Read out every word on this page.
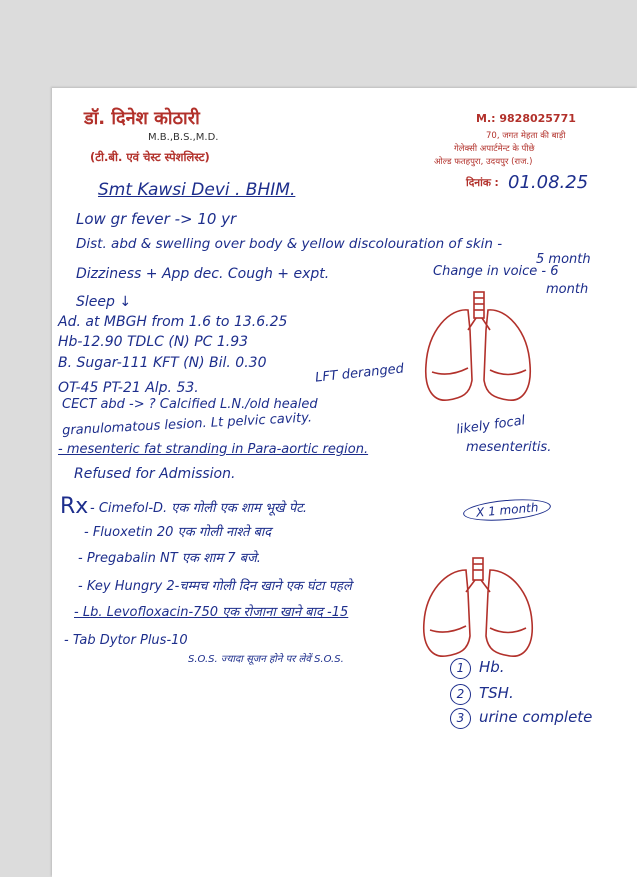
डॉ. दिनेश कोठारी
M.B.,B.S.,M.D.
(टी.बी. एवं चेस्ट स्पेशलिस्ट)
M.: 9828025771
70, जगत मेहता की बाड़ी
गेलेक्सी अपार्टमेन्ट के पीछे
ओल्ड फतहपुरा, उदयपुर (राज.)
दिनांक : 01.08.25
Smt Kawsi Devi . BHIM.
Low gr fever -> 10 yr
Dist. abd & swelling over body & yellow discolouration of skin -
5 month
Dizziness + App dec. Cough + expt.	Change in voice - 6
month
Sleep ↓
Ad. at MBGH from 1.6 to 13.6.25
Hb-12.90 TDLC (N) PC 1.93
B. Sugar-111 KFT (N) Bil. 0.30
OT-45 PT-21 Alp. 53.
LFT deranged
CECT abd -> ? Calcified L.N./old healed
granulomatous lesion. Lt pelvic cavity.	likely focal
- mesenteric fat stranding in Para-aortic region.	mesenteritis.
Refused for Admission.
Rx - Cimefol-D. एक गोली एक शाम भूखे पेट.	X 1 month
- Fluoxetin 20 एक गोली नाश्ते बाद
- Pregabalin NT एक शाम 7 बजे.
- Key Hungry 2-चम्मच गोली दिन खाने एक घंटा पहले
- Lb. Levofloxacin-750 एक रोजाना खाने बाद -15
- Tab Dytor Plus-10
S.O.S. ज्यादा सूजन होने पर लेवें S.O.S.
1 Hb.
2 TSH.
3 urine complete
